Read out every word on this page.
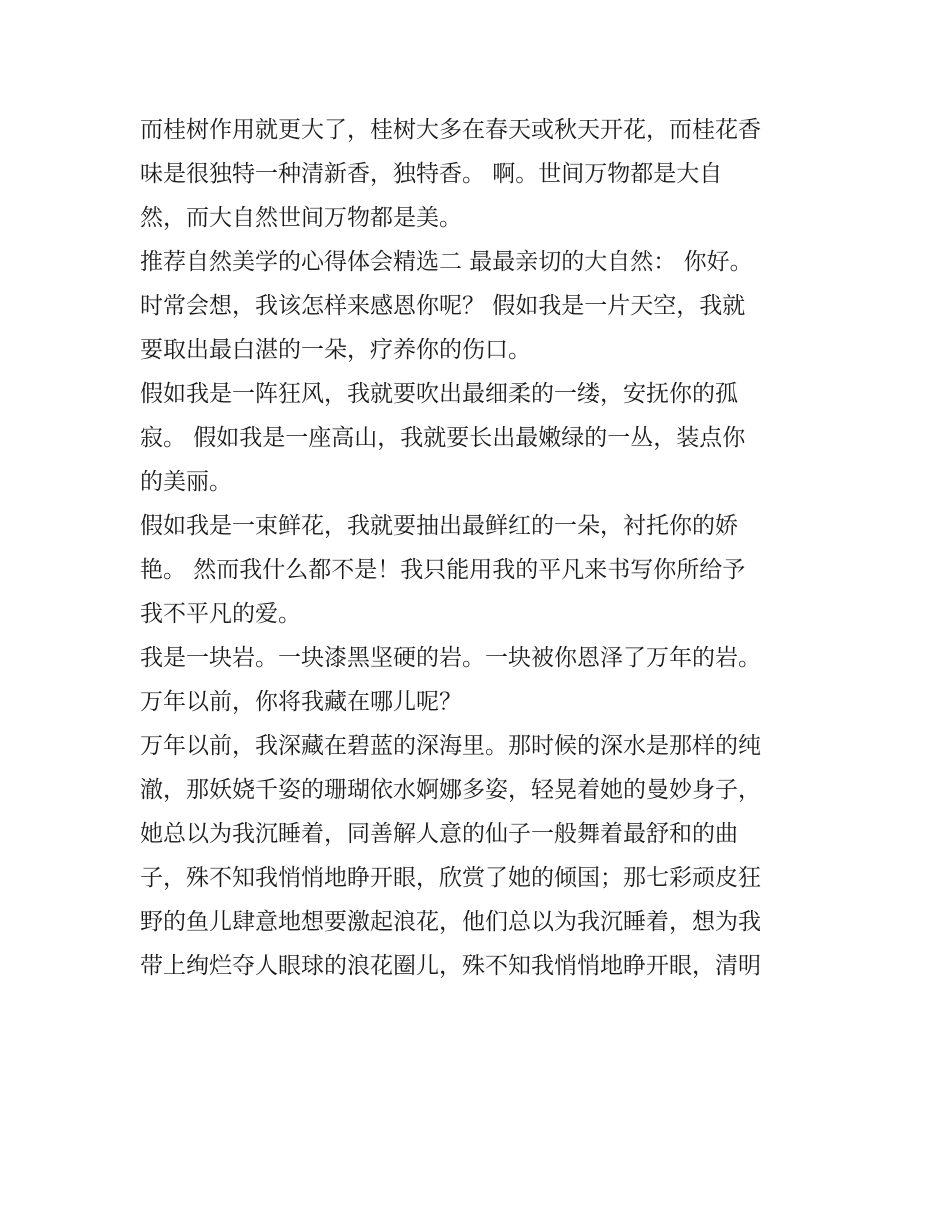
而桂树作用就更大了，桂树大多在春天或秋天开花，而桂花香
味是很独特一种清新香，独特香。 啊。世间万物都是大自
然，而大自然世间万物都是美。
推荐自然美学的心得体会精选二 最最亲切的大自然： 你好。
时常会想，我该怎样来感恩你呢？ 假如我是一片天空，我就
要取出最白湛的一朵，疗养你的伤口。
假如我是一阵狂风，我就要吹出最细柔的一缕，安抚你的孤
寂。 假如我是一座高山，我就要长出最嫩绿的一丛，装点你
的美丽。
假如我是一束鲜花，我就要抽出最鲜红的一朵，衬托你的娇
艳。 然而我什么都不是！我只能用我的平凡来书写你所给予
我不平凡的爱。
我是一块岩。一块漆黑坚硬的岩。一块被你恩泽了万年的岩。
万年以前，你将我藏在哪儿呢？
万年以前，我深藏在碧蓝的深海里。那时候的深水是那样的纯
澈，那妖娆千姿的珊瑚依水婀娜多姿，轻晃着她的曼妙身子，
她总以为我沉睡着，同善解人意的仙子一般舞着最舒和的曲
子，殊不知我悄悄地睁开眼，欣赏了她的倾国；那七彩顽皮狂
野的鱼儿肆意地想要激起浪花，他们总以为我沉睡着，想为我
带上绚烂夺人眼球的浪花圈儿，殊不知我悄悄地睁开眼，清明
